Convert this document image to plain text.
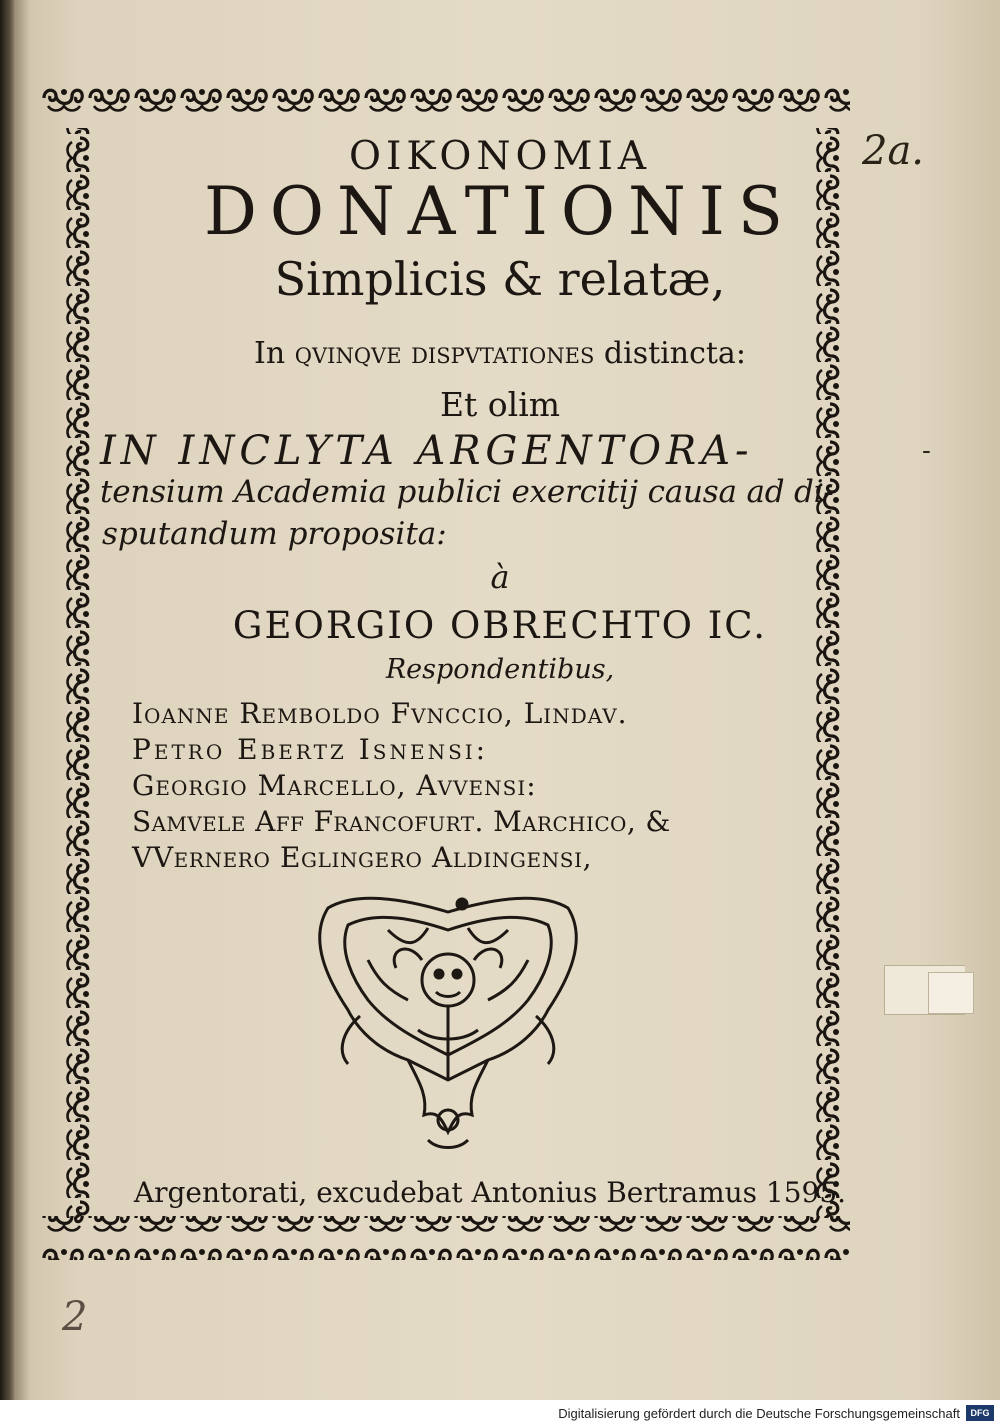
OIKONOMIA

DONATIONIS

Simplicis & relatæ,

In qvinqve dispvtationes distincta:

Et olim

IN INCLYTA ARGENTORA-

tensium Academia publici exercitij causa ad di-

sputandum proposita:

à

GEORGIO OBRECHTO IC.

Respondentibus,

Ioanne Remboldo Fvnccio, Lindav.

Petro Ebertz Isnensi:

Georgio Marcello, Avvensi:

Samvele Aff Francofurt. Marchico, &

VVernero Eglingero Aldingensi,

Argentorati, excudebat Antonius Bertramus 1595.

2a.
2
-
Digitalisierung gefördert durch die Deutsche Forschungsgemeinschaft	DFG
